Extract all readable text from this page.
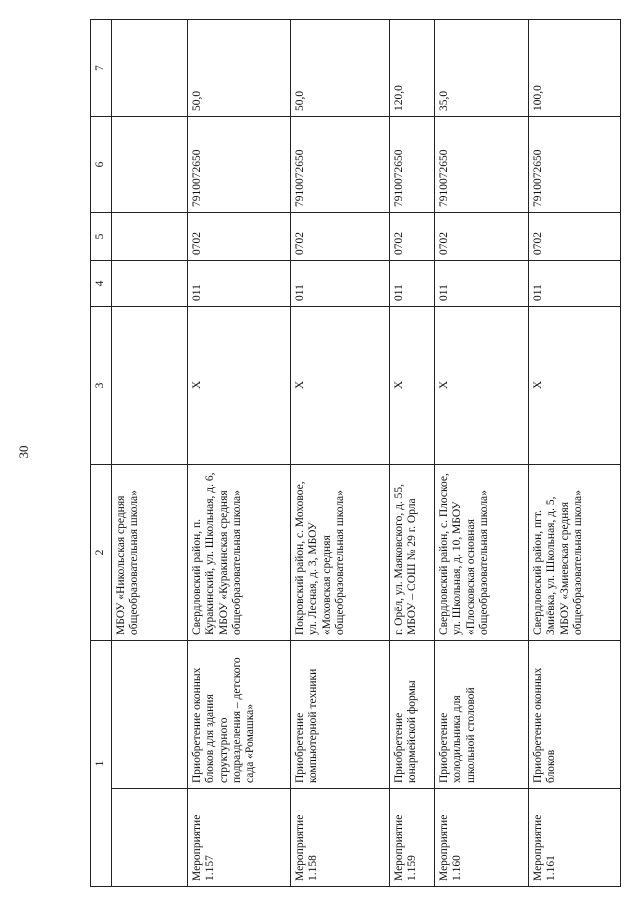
30
1		2	3	4	5	6	7
		МБОУ «Никольская средняя общеобразовательная школа»					
Мероприятие 1.157	Приобретение оконных блоков для здания структурного подразделения – детского сада «Ромашка»	Свердловский район, п. Куракинский, ул. Школьная, д. 6, МБОУ «Куракинская средняя общеобразовательная школа»	Х	011	0702	7910072650	50,0
Мероприятие 1.158	Приобретение компьютерной техники	Покровский район, с. Моховое, ул. Лесная, д. 3, МБОУ «Моховская средняя общеобразовательная школа»	Х	011	0702	7910072650	50,0
Мероприятие 1.159	Приобретение юнармейской формы	г. Орёл, ул. Маяковского, д. 55, МБОУ – СОШ № 29 г. Орла	Х	011	0702	7910072650	120,0
Мероприятие 1.160	Приобретение холодильника для школьной столовой	Свердловский район, с. Плоское, ул. Школьная, д. 10, МБОУ «Плосковская основная общеобразовательная школа»	Х	011	0702	7910072650	35,0
Мероприятие 1.161	Приобретение оконных блоков	Свердловский район, пгт. Змиёвка, ул. Школьная, д. 5, МБОУ «Змиевская средняя общеобразовательная школа»	Х	011	0702	7910072650	100,0
